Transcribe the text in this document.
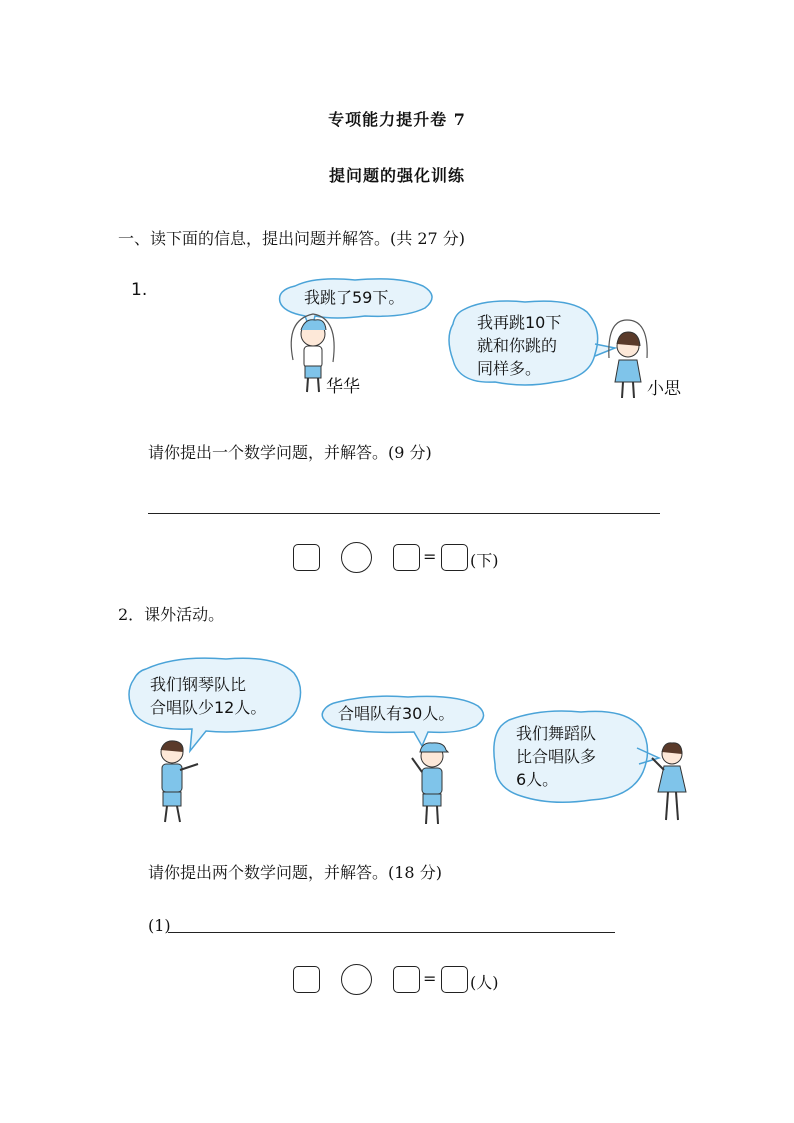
专项能力提升卷 7
提问题的强化训练
一、读下面的信息，提出问题并解答。(共 27 分)
1.	我跳了59下。
华华
我再跳10下
就和你跳的
同样多。
小思
请你提出一个数学问题，并解答。(9 分)
= (下)
2．课外活动。
我们钢琴队比
合唱队少12人。	合唱队有30人。
我们舞蹈队
比合唱队多
6人。
请你提出两个数学问题，并解答。(18 分)
(1)
= (人)
